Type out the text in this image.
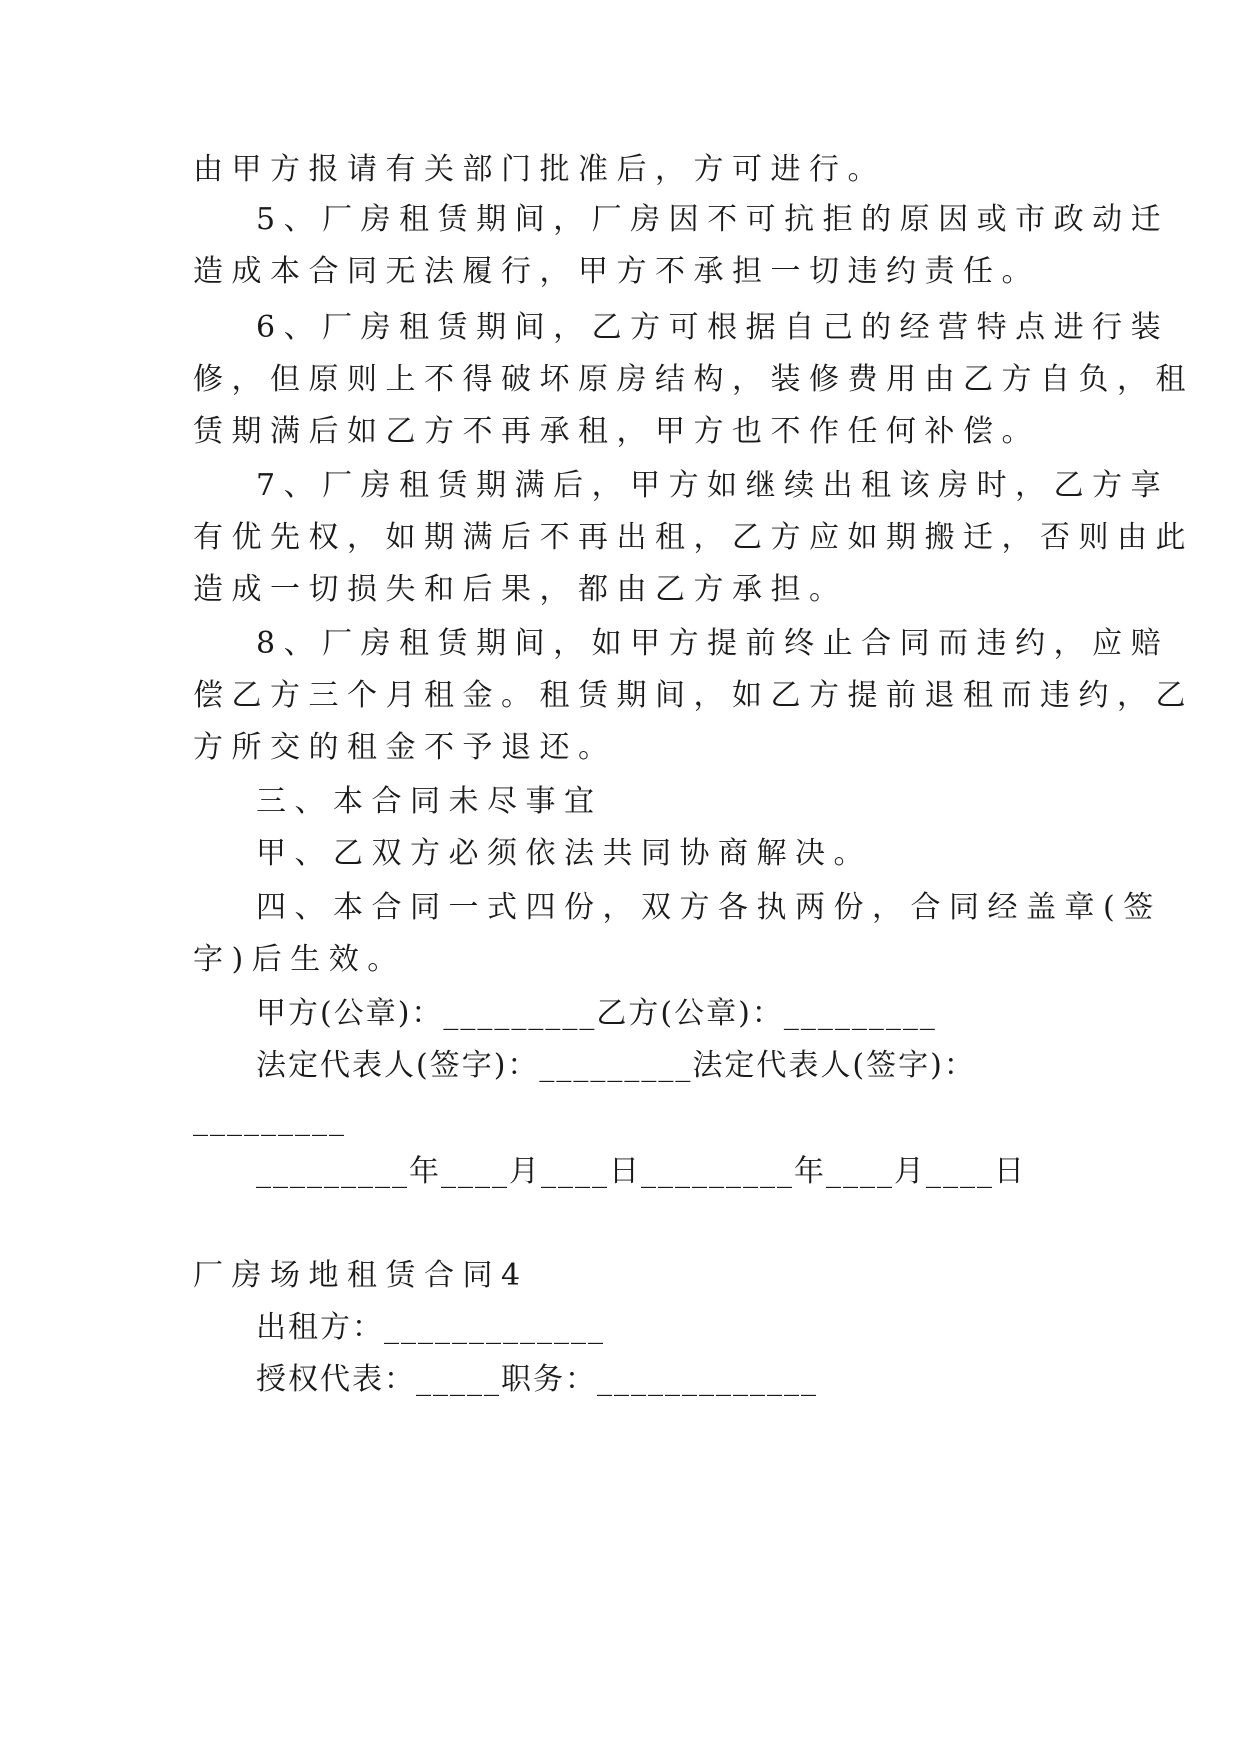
由甲方报请有关部门批准后，方可进行。
5、厂房租赁期间，厂房因不可抗拒的原因或市政动迁
造成本合同无法履行，甲方不承担一切违约责任。
6、厂房租赁期间，乙方可根据自己的经营特点进行装
修，但原则上不得破坏原房结构，装修费用由乙方自负，租
赁期满后如乙方不再承租，甲方也不作任何补偿。
7、厂房租赁期满后，甲方如继续出租该房时，乙方享
有优先权，如期满后不再出租，乙方应如期搬迁，否则由此
造成一切损失和后果，都由乙方承担。
8、厂房租赁期间，如甲方提前终止合同而违约，应赔
偿乙方三个月租金。租赁期间，如乙方提前退租而违约，乙
方所交的租金不予退还。
三、本合同未尽事宜
甲、乙双方必须依法共同协商解决。
四、本合同一式四份，双方各执两份，合同经盖章(签
字)后生效。
甲方(公章)：_________乙方(公章)：_________
法定代表人(签字)：_________法定代表人(签字)：
_________
_________年____月____日_________年____月____日
厂房场地租赁合同4
出租方：_____________
授权代表：_____职务：_____________
